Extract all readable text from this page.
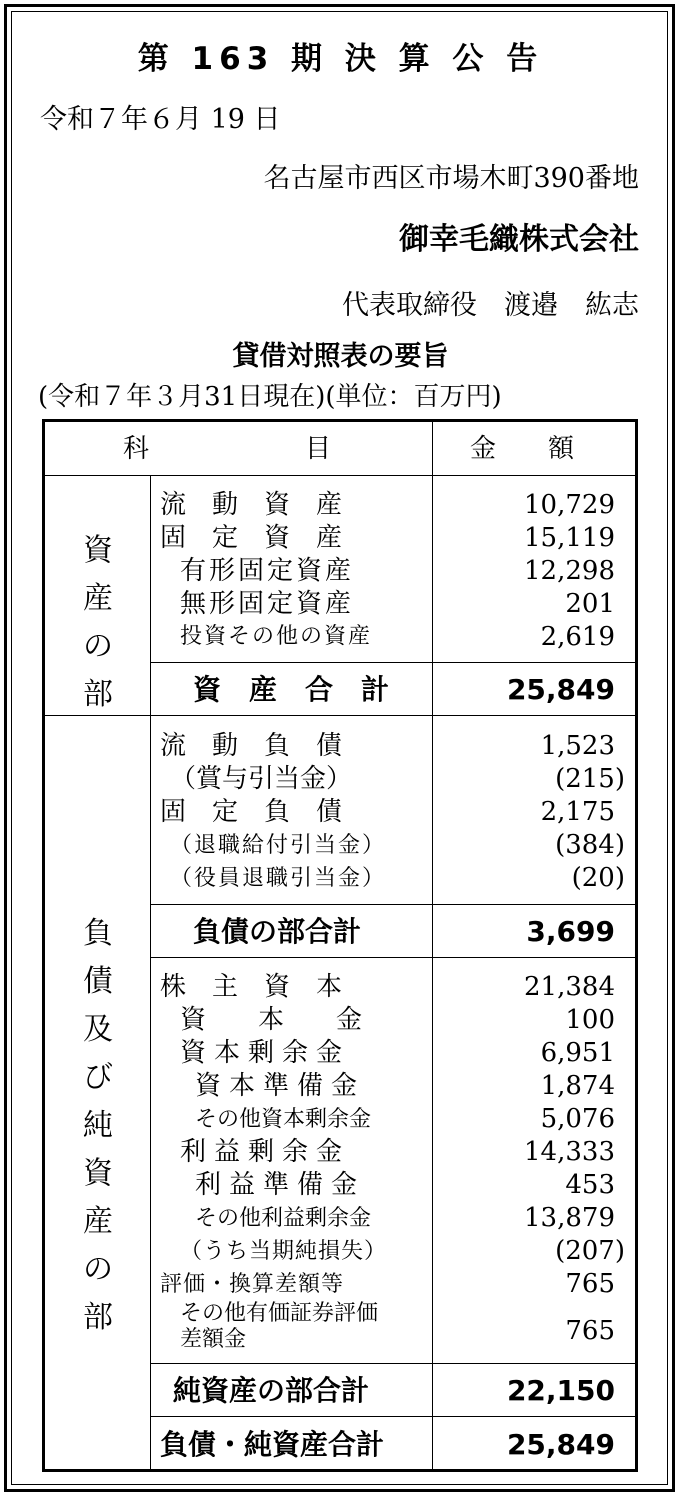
第 163 期 決 算 公 告
令和７年６月 19 日
名古屋市西区市場木町390番地
御幸毛織株式会社
代表取締役　渡邉　紘志
貸借対照表の要旨
(令和７年３月31日現在)(単位：百万円)
科　　　　　　目	金　　額
資産の部
負債及び純資産の部
流　動　資　産	10,729
固　定　資　産	15,119
有形固定資産	12,298
無形固定資産	201
投資その他の資産	2,619
資　産　合　計	25,849
流　動　負　債	1,523
（賞与引当金）	(215)
固　定　負　債	2,175
（退職給付引当金）	(384)
（役員退職引当金）	(20)
負債の部合計	3,699
株　主　資　本	21,384
資　　本　　金	100
資本剰余金	6,951
資本準備金	1,874
その他資本剰余金	5,076
利益剰余金	14,333
利益準備金	453
その他利益剰余金	13,879
（うち当期純損失）	(207)
評価・換算差額等	765
その他有価証券評価
差額金	765
純資産の部合計	22,150
負債・純資産合計	25,849
